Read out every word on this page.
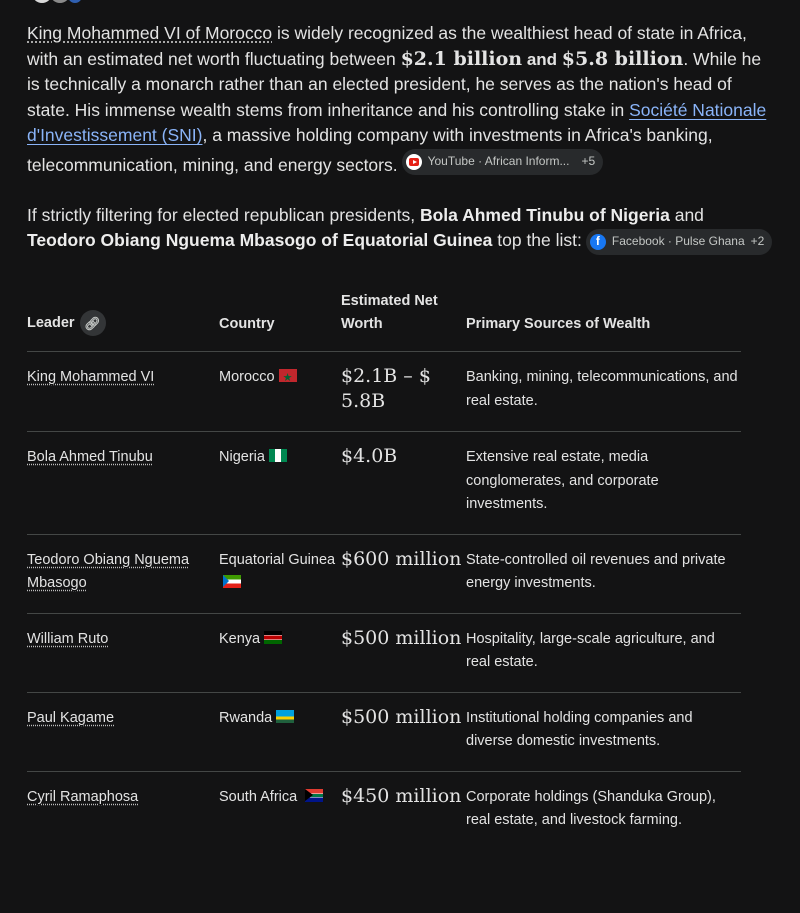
King Mohammed VI of Morocco is widely recognized as the wealthiest head of state in Africa, with an estimated net worth fluctuating between $2.1 billion and $5.8 billion. While he is technically a monarch rather than an elected president, he serves as the nation's head of state. His immense wealth stems from inheritance and his controlling stake in Société Nationale d'Investissement (SNI), a massive holding company with investments in Africa's banking, telecommunication, mining, and energy sectors.	YouTube · African Inform... +5

If strictly filtering for elected republican presidents, Bola Ahmed Tinubu of Nigeria and Teodoro Obiang Nguema Mbasogo of Equatorial Guinea top the list:	f	Facebook · Pulse Ghana +2

Leader 🔗︎	Country	Estimated Net Worth	Primary Sources of Wealth
King Mohammed VI	Morocco★	$2.1B – $ 5.8B	Banking, mining, telecommunications, and real estate.
Bola Ahmed Tinubu	Nigeria	$4.0B	Extensive real estate, media conglomerates, and corporate investments.
Teodoro Obiang Nguema Mbasogo	Equatorial Guinea	$600 million	State-controlled oil revenues and private energy investments.
William Ruto	Kenya	$500 million	Hospitality, large-scale agriculture, and real estate.
Paul Kagame	Rwanda	$500 million	Institutional holding companies and diverse domestic investments.
Cyril Ramaphosa	South Africa	$450 million	Corporate holdings (Shanduka Group), real estate, and livestock farming.
